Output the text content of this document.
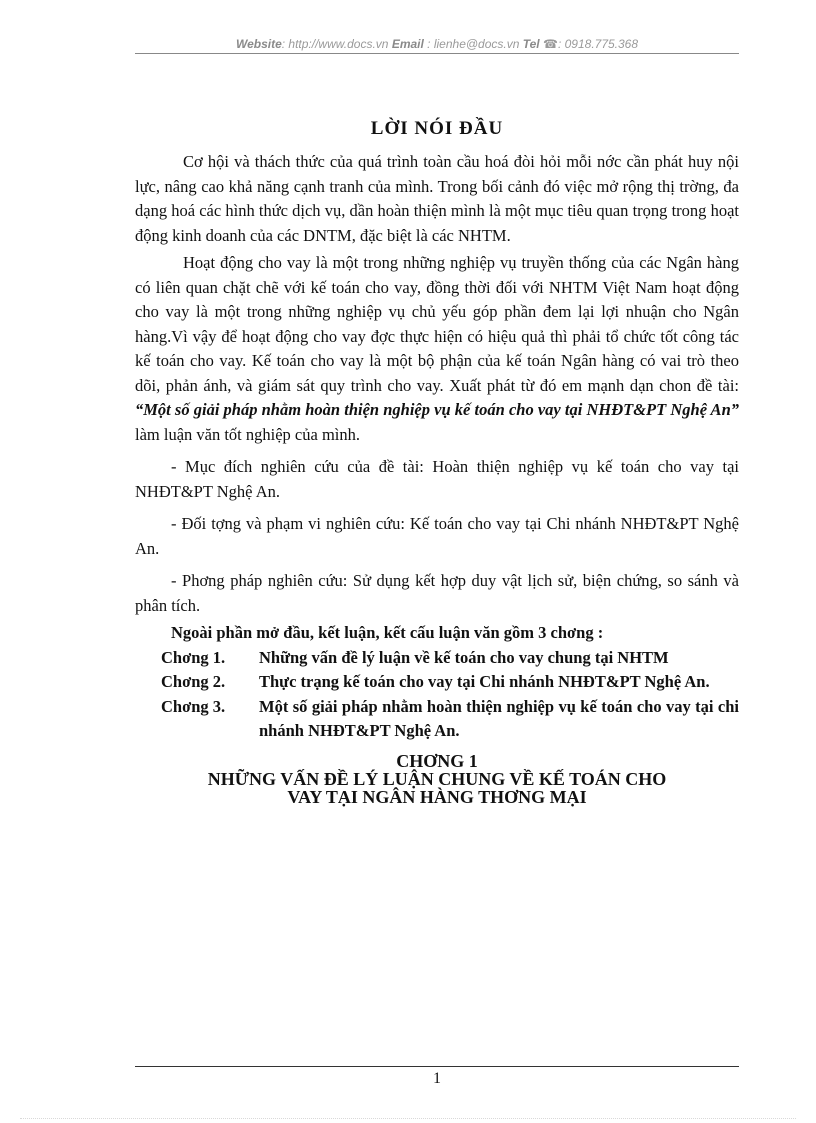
Website: http://www.docs.vn Email : lienhe@docs.vn Tel ☎: 0918.775.368
LỜI NÓI ĐẦU

Cơ hội và thách thức của quá trình toàn cầu hoá đòi hỏi mỗi nớc cần phát huy nội lực, nâng cao khả năng cạnh tranh của mình. Trong bối cảnh đó việc mở rộng thị trờng, đa dạng hoá các hình thức dịch vụ, dần hoàn thiện mình là một mục tiêu quan trọng trong hoạt động kinh doanh của các DNTM, đặc biệt là các NHTM.

Hoạt động cho vay là một trong những nghiệp vụ truyền thống của các Ngân hàng có liên quan chặt chẽ với kế toán cho vay, đồng thời đối với NHTM Việt Nam hoạt động cho vay là một trong những nghiệp vụ chủ yếu góp phần đem lại lợi nhuận cho Ngân hàng.Vì vậy để hoạt động cho vay đợc thực hiện có hiệu quả thì phải tổ chức tốt công tác kế toán cho vay. Kế toán cho vay là một bộ phận của kế toán Ngân hàng có vai trò theo dõi, phản ánh, và giám sát quy trình cho vay. Xuất phát từ đó em mạnh dạn chon đề tài: “Một số giải pháp nhằm hoàn thiện nghiệp vụ kế toán cho vay tại NHĐT&PT Nghệ An” làm luận văn tốt nghiệp của mình.

- Mục đích nghiên cứu của đề tài: Hoàn thiện nghiệp vụ kế toán cho vay tại NHĐT&PT Nghệ An.

- Đối tợng và phạm vi nghiên cứu: Kế toán cho vay tại Chi nhánh NHĐT&PT Nghệ An.

- Phơng pháp nghiên cứu: Sử dụng kết hợp duy vật lịch sử, biện chứng, so sánh và phân tích.

Ngoài phần mở đầu, kết luận, kết cấu luận văn gồm 3 chơng :

Chơng 1.	Những vấn đề lý luận về kế toán cho vay chung tại NHTM
Chơng 2.	Thực trạng kế toán cho vay tại Chi nhánh NHĐT&PT Nghệ An.
Chơng 3.	Một số giải pháp nhằm hoàn thiện nghiệp vụ kế toán cho vay tại chi nhánh NHĐT&PT Nghệ An.
CHƠNG 1
NHỮNG VẤN ĐỀ LÝ LUẬN CHUNG VỀ KẾ TOÁN CHO
VAY TẠI NGÂN HÀNG THƠNG MẠI
1
